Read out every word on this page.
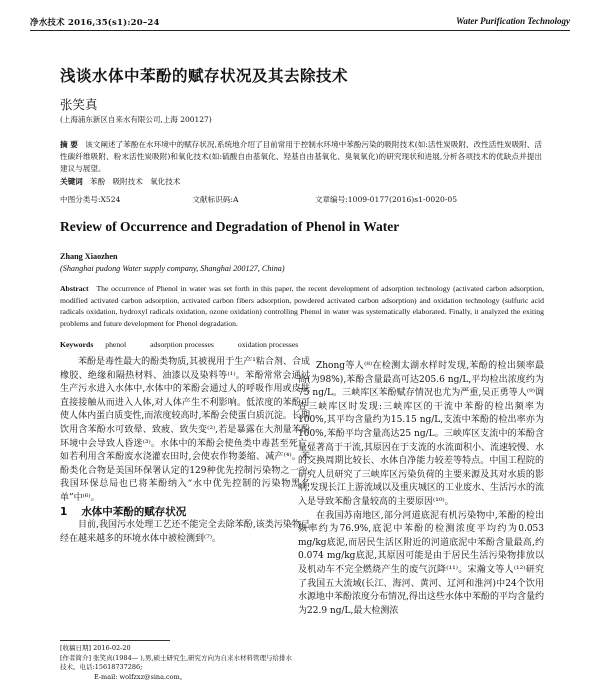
净水技术 2016,35(s1):20–24	Water Purification Technology
浅谈水体中苯酚的赋存状况及其去除技术
张笑真
(上海浦东新区自来水有限公司,上海 200127)
摘 要 该文阐述了苯酚在水环境中的赋存状况,系统地介绍了目前常用于控制水环境中苯酚污染的吸附技术(如:活性炭吸附、改性活性炭吸附、活性碳纤维吸附、粉末活性炭吸附)和氧化技术(如:硫酸自由基氧化、羟基自由基氧化、臭氧氧化)的研究现状和进展,分析各项技术的优缺点并提出建议与展望。
关键词 苯酚 吸附技术 氧化技术
中图分类号:X524	文献标识码:A	文章编号:1009-0177(2016)s1-0020-05
Review of Occurrence and Degradation of Phenol in Water
Zhang Xiaozhen
(Shanghai pudong Water supply company, Shanghai 200127, China)
Abstract The occurrence of Phenol in water was set forth in this paper, the recent development of adsorption technology (activated carbon adsorption, modified activated carbon adsorption, activated carbon fibers adsorption, powdered activated carbon adsorption) and oxidation technology (sulfuric acid radicals oxidation, hydroxyl radicals oxidation, ozone oxidation) controlling Phenol in water was systematically elaborated. Finally, it analyzed the exiting problems and future development for Phenol degradation.
Keywords phenol	adsorption processes	oxidation processes

苯酚是毒性最大的酚类物质,其被视用于生产¹粘合剂、合成橡胶、绝缘和隔热材料、油漆以及染料等⁽¹⁾。苯酚常常会通过生产污水进入水体中,水体中的苯酚会通过人的呼吸作用或皮肤直接接触从而进入人体,对人体产生不利影响。低浓度的苯酚可使人体内蛋白质变性,而浓度较高时,苯酚会使蛋白质沉淀。长期饮用含苯酚水可致晕、致疲、致失变⁽²⁾,若是暴露在大剂量苯酚环境中会导致人昏迷⁽³⁾。水体中的苯酚会使鱼类中毒甚至死亡,如若利用含苯酚废水浇灌农田时,会使农作物萎缩、减产⁽⁴⁾。苯酚类化合物是美国环保署认定的129种优先控制污染物之一⁽⁵⁾,我国环保总局也已将苯酚纳入“水中优先控制的污染物黑名单”中⁽⁶⁾。

1 水体中苯酚的赋存状况

目前,我国污水处理工艺还不能完全去除苯酚,该类污染物已经在越来越多的环境水体中被检测到⁽⁷⁾。

Zhong等人⁽⁸⁾在检测太湖水样时发现,苯酚的检出频率最高(为98%),苯酚含量最高可达205.6 ng/L,平均检出浓度约为75 ng/L。三峡库区苯酚赋存情况也尤为严重,吴正勇等人⁽⁹⁾调查三峡库区时发现:三峡库区的干流中苯酚的检出频率为100%,其平均含量约为15.15 ng/L,支流中苯酚的检出率亦为100%,苯酚平均含量高达25 ng/L。三峡库区支流中的苯酚含量显著高于干流,其原因在于支流的水流面积小、流速较慢、水的交换周期比较长、水体自净能力较差等特点。中国工程院的研究人员研究了三峡库区污染负荷的主要来源及其对水质的影响,发现长江上游流域以及重庆城区的工业废水、生活污水的流入是导致苯酚含量较高的主要原因⁽¹⁰⁾。

在我国苏南地区,部分河道底泥有机污染物中,苯酚的检出频率约为76.9%,底泥中苯酚的检测浓度平均约为0.053 mg/kg底泥,而居民生活区附近的河道底泥中苯酚含量最高,约0.074 mg/kg底泥,其原因可能是由于居民生活污染物排放以及机动车不完全燃烧产生的废气沉降⁽¹¹⁾。宋瀚文等人⁽¹²⁾研究了我国五大流域(长江、海河、黄河、辽河和淮河)中24个饮用水源地中苯酚浓度分布情况,得出这些水体中苯酚的平均含量约为22.9 ng/L,最大检测浓

[收稿日期] 2016-02-20
[作者简介] 张笑真(1984— ),男,硕士研究生,研究方向为自来水材料管理与给排水技术。电话:15618737286;
E-mail: wolfzxz@sina.com。
